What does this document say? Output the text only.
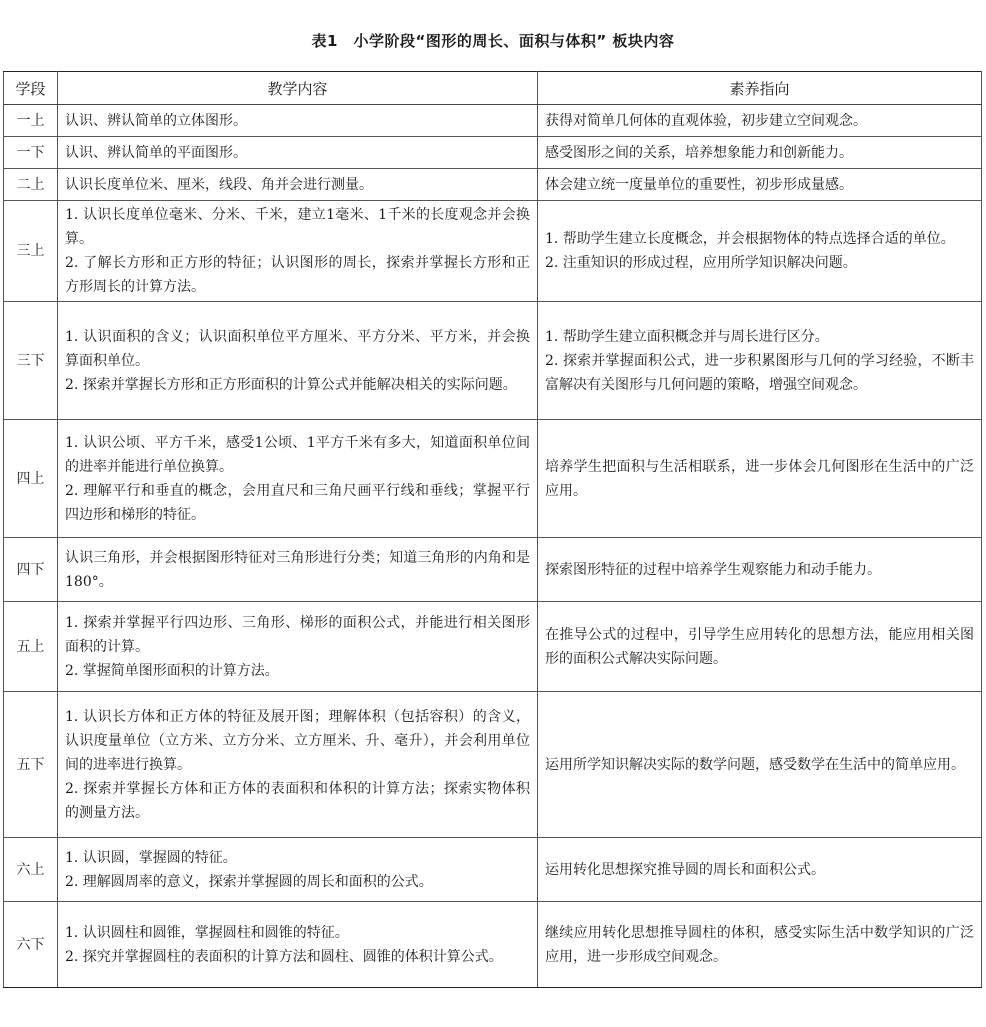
表1　小学阶段“图形的周长、面积与体积” 板块内容
学段	教学内容	素养指向
一上	认识、辨认简单的立体图形。	获得对简单几何体的直观体验，初步建立空间观念。

一下	认识、辨认简单的平面图形。	感受图形之间的关系，培养想象能力和创新能力。

二上	认识长度单位米、厘米，线段、角并会进行测量。	体会建立统一度量单位的重要性，初步形成量感。

三上	1. 认识长度单位毫米、分米、千米，建立1毫米、1千米的长度观念并会换算。
2. 了解长方形和正方形的特征；认识图形的周长，探索并掌握长方形和正方形周长的计算方法。	1. 帮助学生建立长度概念，并会根据物体的特点选择合适的单位。
2. 注重知识的形成过程，应用所学知识解决问题。

三下	1. 认识面积的含义；认识面积单位平方厘米、平方分米、平方米，并会换算面积单位。
2. 探索并掌握长方形和正方形面积的计算公式并能解决相关的实际问题。	1. 帮助学生建立面积概念并与周长进行区分。
2. 探索并掌握面积公式，进一步积累图形与几何的学习经验，不断丰富解决有关图形与几何问题的策略，增强空间观念。

四上	1. 认识公顷、平方千米，感受1公顷、1平方千米有多大，知道面积单位间的进率并能进行单位换算。
2. 理解平行和垂直的概念，会用直尺和三角尺画平行线和垂线；掌握平行四边形和梯形的特征。	培养学生把面积与生活相联系，进一步体会几何图形在生活中的广泛应用。

四下	认识三角形，并会根据图形特征对三角形进行分类；知道三角形的内角和是180°。	探索图形特征的过程中培养学生观察能力和动手能力。

五上	1. 探索并掌握平行四边形、三角形、梯形的面积公式，并能进行相关图形面积的计算。
2. 掌握简单图形面积的计算方法。	在推导公式的过程中，引导学生应用转化的思想方法，能应用相关图形的面积公式解决实际问题。

五下	1. 认识长方体和正方体的特征及展开图；理解体积（包括容积）的含义，认识度量单位（立方米、立方分米、立方厘米、升、毫升），并会利用单位间的进率进行换算。
2. 探索并掌握长方体和正方体的表面积和体积的计算方法；探索实物体积的测量方法。	运用所学知识解决实际的数学问题，感受数学在生活中的简单应用。

六上	1. 认识圆，掌握圆的特征。
2. 理解圆周率的意义，探索并掌握圆的周长和面积的公式。	运用转化思想探究推导圆的周长和面积公式。

六下	1. 认识圆柱和圆锥，掌握圆柱和圆锥的特征。
2. 探究并掌握圆柱的表面积的计算方法和圆柱、圆锥的体积计算公式。	继续应用转化思想推导圆柱的体积，感受实际生活中数学知识的广泛应用，进一步形成空间观念。
